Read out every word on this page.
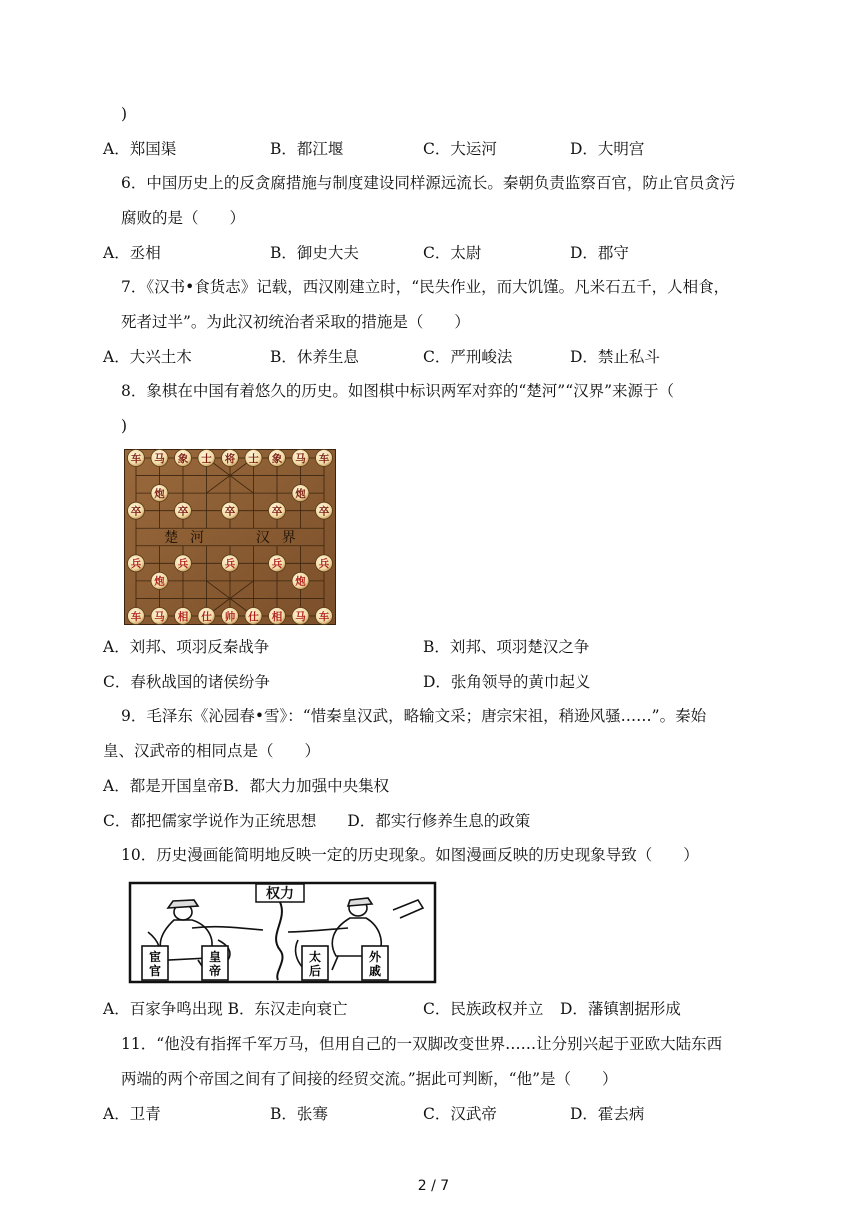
)
A．郑国渠	B．都江堰	C．大运河	D．大明宫
6．中国历史上的反贪腐措施与制度建设同样源远流长。秦朝负责监察百官，防止官员贪污
腐败的是（　　）
A．丞相	B．御史大夫	C．太尉	D．郡守
7．《汉书•食货志》记载，西汉刚建立时，“民失作业，而大饥馑。凡米石五千，人相食，
死者过半”。为此汉初统治者采取的措施是（　　）
A．大兴土木	B．休养生息	C．严刑峻法	D．禁止私斗
8．象棋在中国有着悠久的历史。如图棋中标识两军对弈的“楚河”“汉界”来源于（
)
车 马 象 士 将 士 象 马 车
炮	炮
卒	卒	卒	卒	卒
兵	兵	兵	兵	兵
炮	炮
车 马 相 仕 帅 仕 相 马 车
楚 河	汉 界
A．刘邦、项羽反秦战争	B．刘邦、项羽楚汉之争
C．春秋战国的诸侯纷争	D．张角领导的黄巾起义
9．毛泽东《沁园春•雪》：“惜秦皇汉武，略输文采；唐宗宋祖，稍逊风骚……”。秦始
皇、汉武帝的相同点是（　　）
A．都是开国皇帝B．都大力加强中央集权
C．都把儒家学说作为正统思想　　D．都实行修养生息的政策
10．历史漫画能简明地反映一定的历史现象。如图漫画反映的历史现象导致（　　）
权力
宦
官
皇
帝
太
后
外
戚
A．百家争鸣出现 B．东汉走向衰亡	C．民族政权并立 D．藩镇割据形成
11．“他没有指挥千军万马，但用自己的一双脚改变世界……让分别兴起于亚欧大陆东西
两端的两个帝国之间有了间接的经贸交流。”据此可判断，“他”是（　　）
A．卫青	B．张骞	C．汉武帝	D．霍去病
2 / 7
